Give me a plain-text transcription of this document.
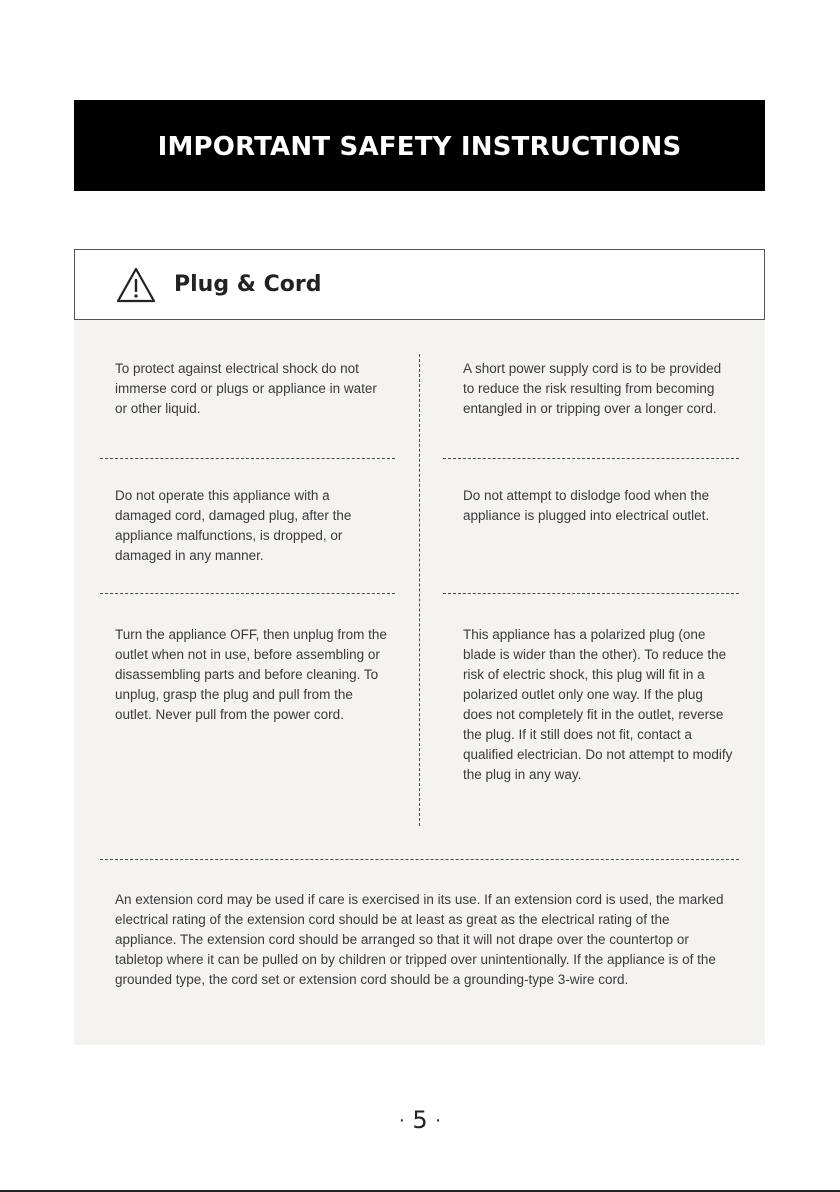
IMPORTANT SAFETY INSTRUCTIONS
Plug & Cord
To protect against electrical shock do not immerse cord or plugs or appliance in water or other liquid.
A short power supply cord is to be provided to reduce the risk resulting from becoming entangled in or tripping over a longer cord.
Do not operate this appliance with a damaged cord, damaged plug, after the appliance malfunctions, is dropped, or damaged in any manner.
Do not attempt to dislodge food when the appliance is plugged into electrical outlet.
Turn the appliance OFF, then unplug from the outlet when not in use, before assembling or disassembling parts and before cleaning. To unplug, grasp the plug and pull from the outlet. Never pull from the power cord.
This appliance has a polarized plug (one blade is wider than the other). To reduce the risk of electric shock, this plug will fit in a polarized outlet only one way. If the plug does not completely fit in the outlet, reverse the plug. If it still does not fit, contact a qualified electrician. Do not attempt to modify the plug in any way.
An extension cord may be used if care is exercised in its use. If an extension cord is used, the marked electrical rating of the extension cord should be at least as great as the electrical rating of the appliance. The extension cord should be arranged so that it will not drape over the countertop or tabletop where it can be pulled on by children or tripped over unintentionally. If the appliance is of the grounded type, the cord set or extension cord should be a grounding-type 3-wire cord.
· 5 ·
